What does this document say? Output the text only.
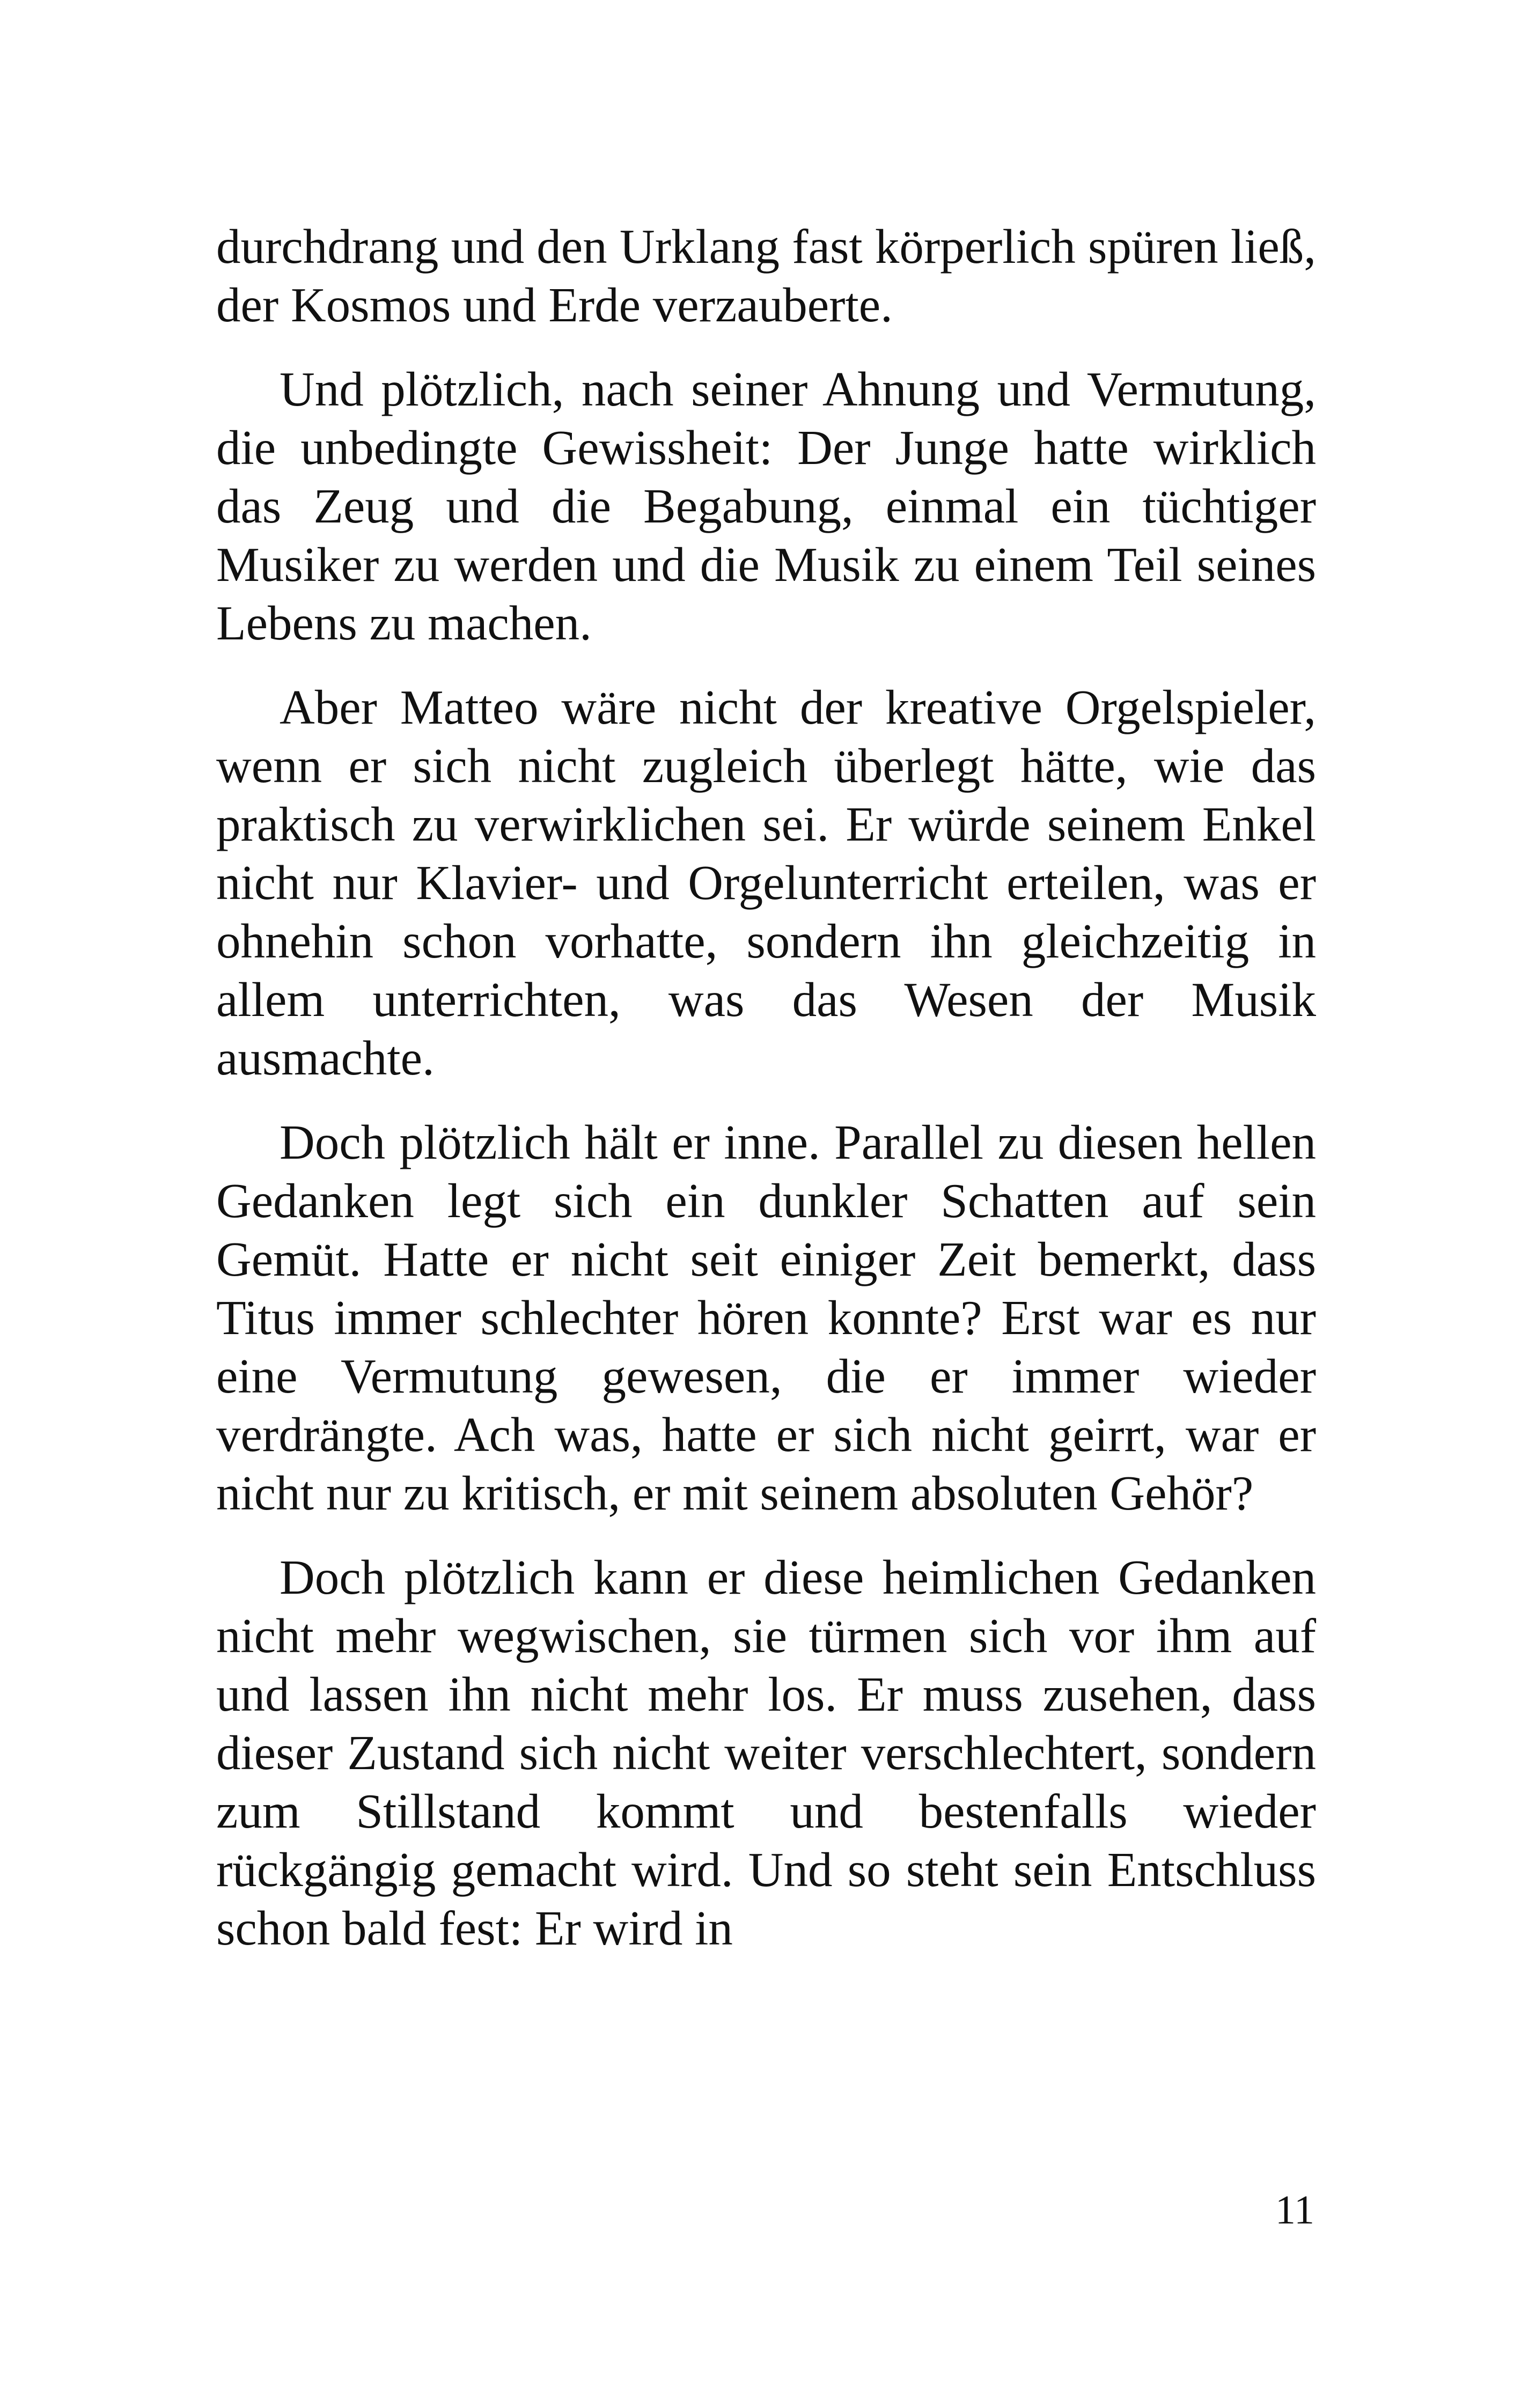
durchdrang und den Urklang fast körperlich spüren ließ, der Kosmos und Erde verzauberte.

Und plötzlich, nach seiner Ahnung und Vermutung, die unbedingte Gewissheit: Der Junge hatte wirklich das Zeug und die Begabung, einmal ein tüchtiger Musiker zu werden und die Musik zu einem Teil seines Lebens zu machen.

Aber Matteo wäre nicht der kreative Orgelspieler, wenn er sich nicht zugleich überlegt hätte, wie das praktisch zu verwirklichen sei. Er würde seinem Enkel nicht nur Klavier- und Orgelunterricht erteilen, was er ohnehin schon vorhatte, sondern ihn gleichzeitig in allem unterrichten, was das Wesen der Musik ausmachte.

Doch plötzlich hält er inne. Parallel zu diesen hellen Gedanken legt sich ein dunkler Schatten auf sein Gemüt. Hatte er nicht seit einiger Zeit bemerkt, dass Titus immer schlechter hören konnte? Erst war es nur eine Vermutung gewesen, die er immer wieder verdrängte. Ach was, hatte er sich nicht geirrt, war er nicht nur zu kritisch, er mit seinem absoluten Gehör?

Doch plötzlich kann er diese heimlichen Gedanken nicht mehr wegwischen, sie türmen sich vor ihm auf und lassen ihn nicht mehr los. Er muss zusehen, dass dieser Zustand sich nicht weiter verschlechtert, sondern zum Stillstand kommt und bestenfalls wieder rückgängig gemacht wird. Und so steht sein Entschluss schon bald fest: Er wird in

11
